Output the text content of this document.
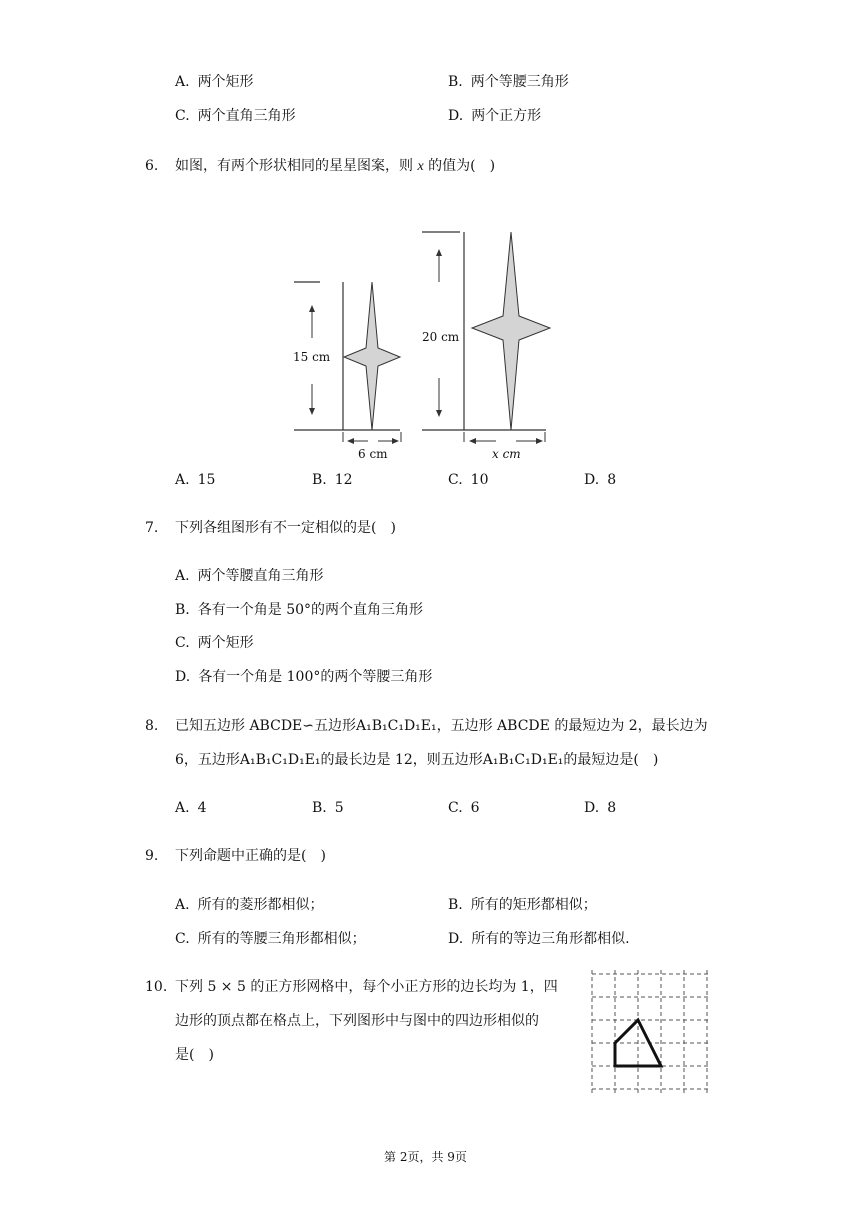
A. 两个矩形	B. 两个等腰三角形
C. 两个直角三角形	D. 两个正方形
6. 如图，有两个形状相同的星星图案，则 x 的值为(　)
15 cm
6 cm
20 cm
x cm
A. 15	B. 12	C. 10	D. 8
7. 下列各组图形有不一定相似的是(　)
A. 两个等腰直角三角形
B. 各有一个角是 50°的两个直角三角形
C. 两个矩形
D. 各有一个角是 100°的两个等腰三角形
8. 已知五边形 ABCDE∽五边形A₁B₁C₁D₁E₁，五边形 ABCDE 的最短边为 2，最长边为
6，五边形A₁B₁C₁D₁E₁的最长边是 12，则五边形A₁B₁C₁D₁E₁的最短边是(　)
A. 4	B. 5	C. 6	D. 8
9. 下列命题中正确的是(　)
A. 所有的菱形都相似；	B. 所有的矩形都相似；
C. 所有的等腰三角形都相似；	D. 所有的等边三角形都相似.
10. 下列 5 × 5 的正方形网格中，每个小正方形的边长均为 1，四
边形的顶点都在格点上，下列图形中与图中的四边形相似的
是(　)
第 2页，共 9页
